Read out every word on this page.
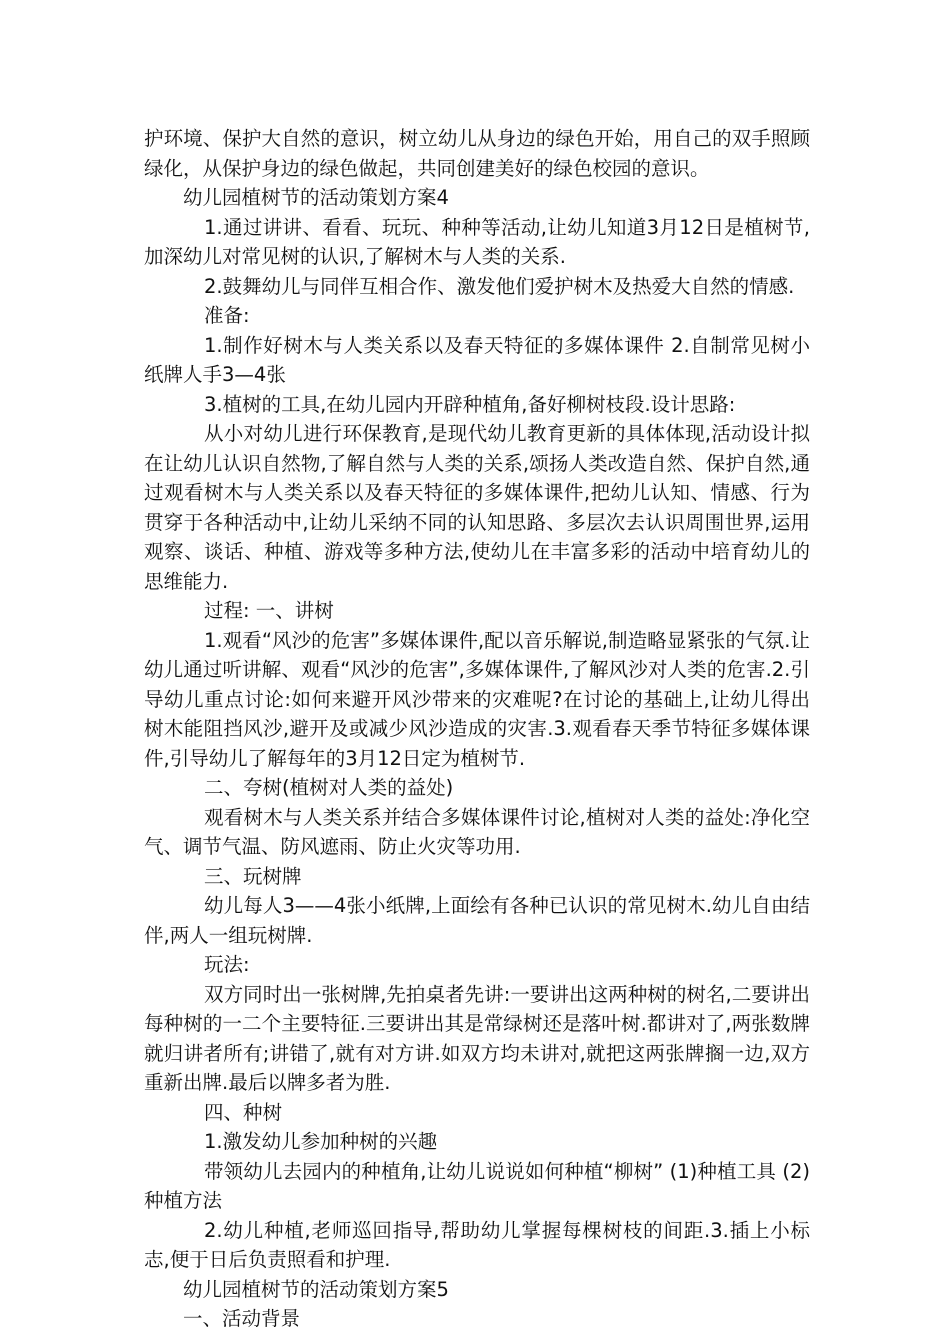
护环境、保护大自然的意识，树立幼儿从身边的绿色开始，用自己的双手照顾绿化，从保护身边的绿色做起，共同创建美好的绿色校园的意识。

幼儿园植树节的活动策划方案4

1.通过讲讲、看看、玩玩、种种等活动,让幼儿知道3月12日是植树节,加深幼儿对常见树的认识,了解树木与人类的关系.

2.鼓舞幼儿与同伴互相合作、激发他们爱护树木及热爱大自然的情感.

准备:

1.制作好树木与人类关系以及春天特征的多媒体课件 2.自制常见树小纸牌人手3—4张

3.植树的工具,在幼儿园内开辟种植角,备好柳树枝段.设计思路:

从小对幼儿进行环保教育,是现代幼儿教育更新的具体体现,活动设计拟在让幼儿认识自然物,了解自然与人类的关系,颂扬人类改造自然、保护自然,通过观看树木与人类关系以及春天特征的多媒体课件,把幼儿认知、情感、行为贯穿于各种活动中,让幼儿采纳不同的认知思路、多层次去认识周围世界,运用观察、谈话、种植、游戏等多种方法,使幼儿在丰富多彩的活动中培育幼儿的思维能力.

过程: 一、讲树

1.观看“风沙的危害”多媒体课件,配以音乐解说,制造略显紧张的气氛.让幼儿通过听讲解、观看“风沙的危害”,多媒体课件,了解风沙对人类的危害.2.引导幼儿重点讨论:如何来避开风沙带来的灾难呢?在讨论的基础上,让幼儿得出树木能阻挡风沙,避开及或减少风沙造成的灾害.3.观看春天季节特征多媒体课件,引导幼儿了解每年的3月12日定为植树节.

二、夸树(植树对人类的益处)

观看树木与人类关系并结合多媒体课件讨论,植树对人类的益处:净化空气、调节气温、防风遮雨、防止火灾等功用.

三、玩树牌

幼儿每人3——4张小纸牌,上面绘有各种已认识的常见树木.幼儿自由结伴,两人一组玩树牌.

玩法:

双方同时出一张树牌,先拍桌者先讲:一要讲出这两种树的树名,二要讲出每种树的一二个主要特征.三要讲出其是常绿树还是落叶树.都讲对了,两张数牌就归讲者所有;讲错了,就有对方讲.如双方均未讲对,就把这两张牌搁一边,双方重新出牌.最后以牌多者为胜.

四、种树

1.激发幼儿参加种树的兴趣

带领幼儿去园内的种植角,让幼儿说说如何种植“柳树” (1)种植工具 (2)种植方法

2.幼儿种植,老师巡回指导,帮助幼儿掌握每棵树枝的间距.3.插上小标志,便于日后负责照看和护理.

幼儿园植树节的活动策划方案5

一、活动背景
